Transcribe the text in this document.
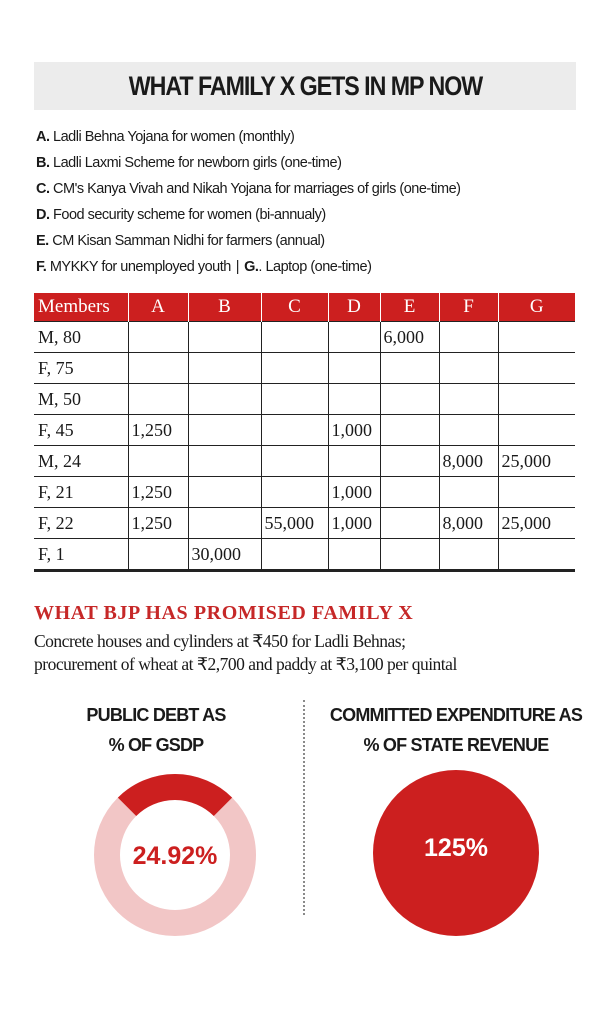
WHAT FAMILY X GETS IN MP NOW
A. Ladli Behna Yojana for women (monthly)
B. Ladli Laxmi Scheme for newborn girls (one-time)
C. CM's Kanya Vivah and Nikah Yojana for marriages of girls (one-time)
D. Food security scheme for women (bi-annualy)
E. CM Kisan Samman Nidhi for farmers (annual)
F. MYKKY for unemployed youth | G.. Laptop (one-time)
Members	A	B	C	D	E	F	G
M, 80					6,000		
F, 75							
M, 50							
F, 45	1,250			1,000			
M, 24						8,000	25,000
F, 21	1,250			1,000			
F, 22	1,250		55,000	1,000		8,000	25,000
F, 1		30,000					
WHAT BJP HAS PROMISED FAMILY X
Concrete houses and cylinders at ₹450 for Ladli Behnas;
procurement of wheat at ₹2,700 and paddy at ₹3,100 per quintal
PUBLIC DEBT AS
% OF GSDP
COMMITTED EXPENDITURE AS
% OF STATE REVENUE
24.92%	125%
